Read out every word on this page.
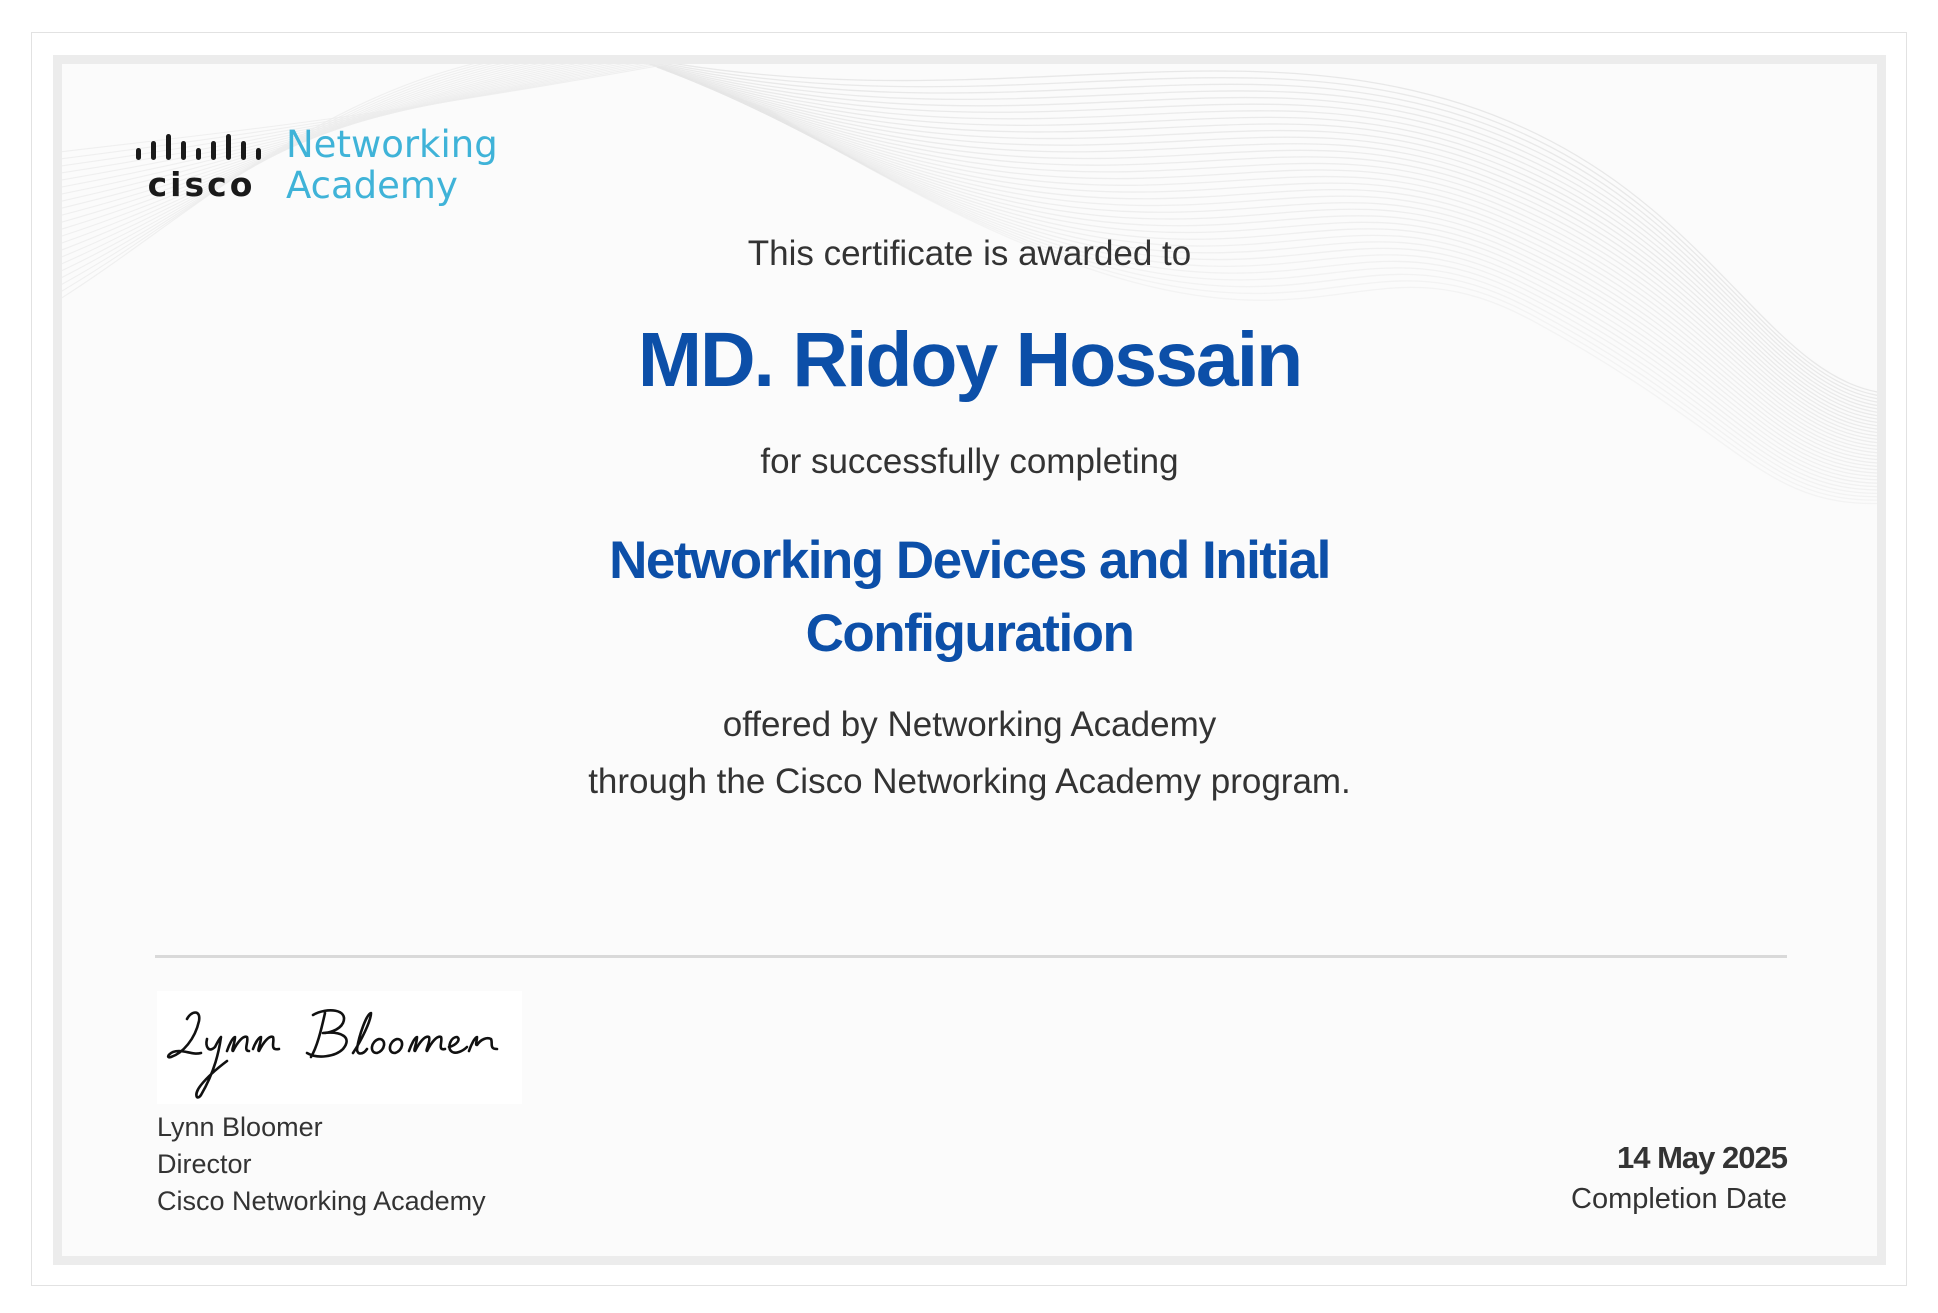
cisco
Networking
Academy
This certificate is awarded to
MD. Ridoy Hossain
for successfully completing
Networking Devices and Initial
Configuration
offered by Networking Academy
through the Cisco Networking Academy program.
Lynn Bloomer
Director
Cisco Networking Academy
14 May 2025
Completion Date
